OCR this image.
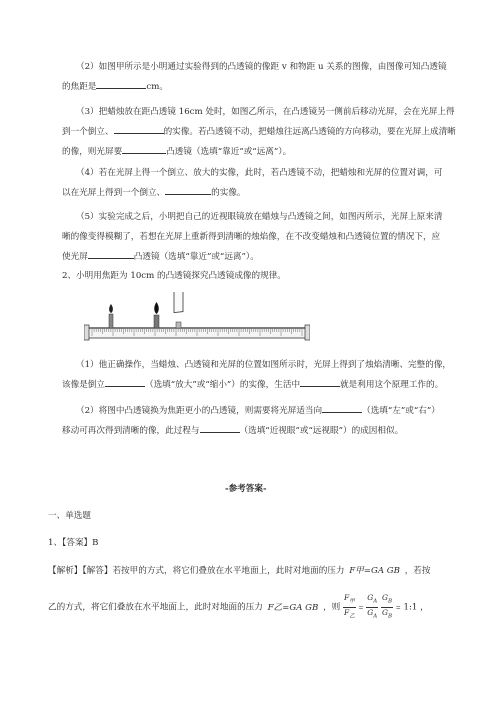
（2）如图甲所示是小明通过实验得到的凸透镜的像距 v 和物距 u 关系的图像，由图像可知凸透镜
的焦距是	cm。
（3）把蜡烛放在距凸透镜 16cm 处时，如图乙所示，在凸透镜另一侧前后移动光屏，会在光屏上得
到一个倒立、	的实像。若凸透镜不动，把蜡烛往远离凸透镜的方向移动，要在光屏上成清晰
的像，则光屏要	凸透镜（选填“靠近”或“远离”）。
（4）若在光屏上得一个倒立、放大的实像，此时，若凸透镜不动，把蜡烛和光屏的位置对调，可
以在光屏上得到一个倒立、	的实像。
（5）实验完成之后，小明把自己的近视眼镜放在蜡烛与凸透镜之间，如图丙所示，光屏上原来清
晰的像变得模糊了，若想在光屏上重新得到清晰的烛焰像，在不改变蜡烛和凸透镜位置的情况下，应
使光屏	凸透镜（选填“靠近”或“远离”）。
2、小明用焦距为 10cm 的凸透镜探究凸透镜成像的规律。
（1）他正确操作，当蜡烛、凸透镜和光屏的位置如图所示时，光屏上得到了烛焰清晰、完整的像，
该像是倒立	（选填“放大”或“缩小”）的实像，生活中	就是利用这个原理工作的。
（2）将图中凸透镜换为焦距更小的凸透镜，则需要将光屏适当向	（选填“左”或“右”）
移动可再次得到清晰的像，此过程与	（选填“近视眼”或“远视眼”）的成因相似。
-参考答案-
一、单选题
1、【答案】B
【解析】【解答】若按甲的方式，将它们叠放在水平地面上，此时对地面的压力 F甲=GA GB ，若按
乙的方式，将它们叠放在水平地面上，此时对地面的压力 F乙=GA GB ，则 $\frac{F_甲}{F_乙} = \frac{G_A}{G_A}$
$\frac{G_B}{G_B}$ = 1:1 ，
